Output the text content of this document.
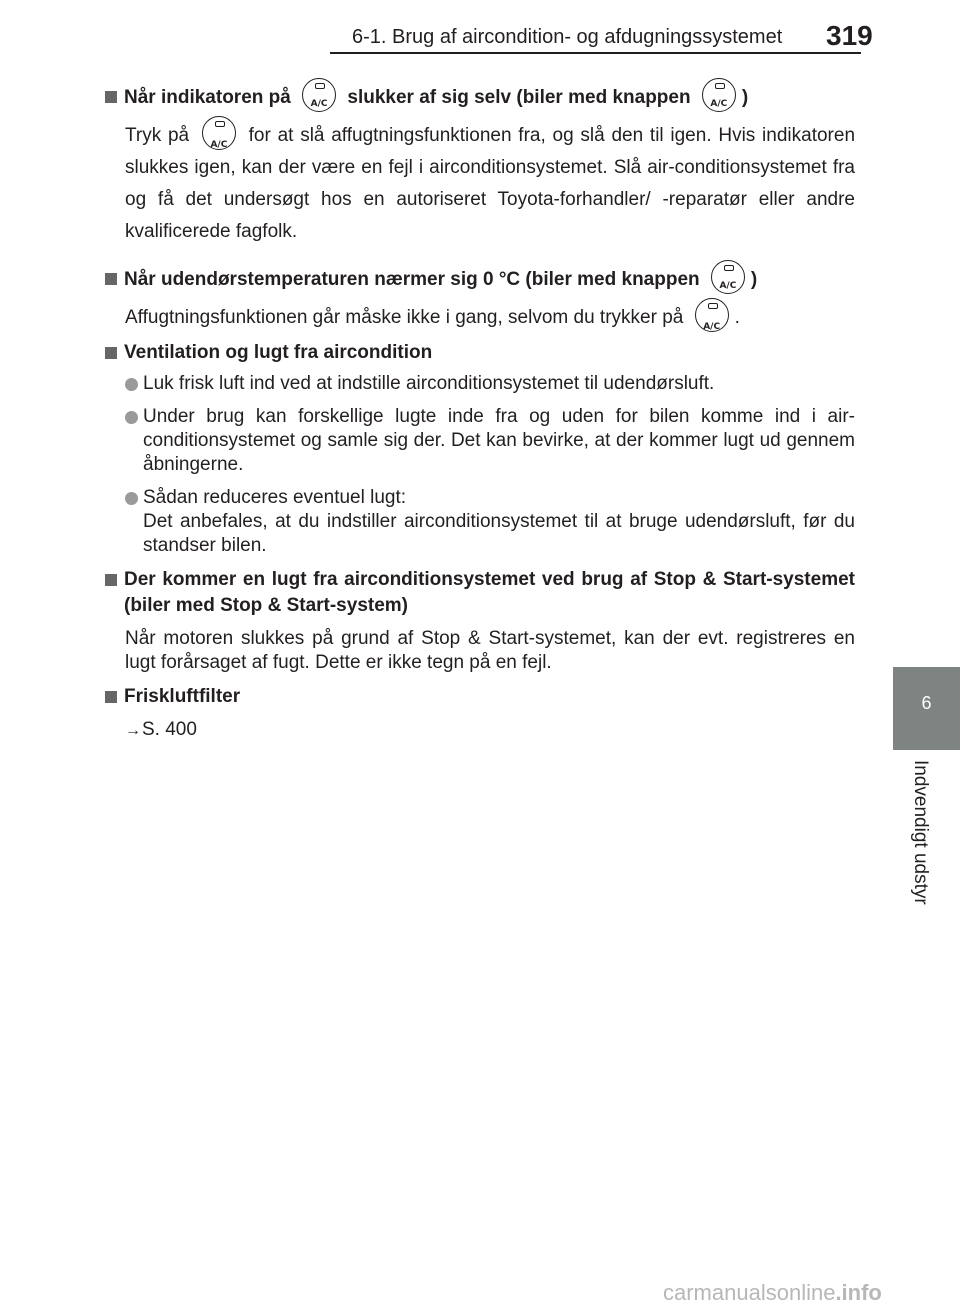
6-1. Brug af aircondition- og afdugningssystemet 319
6
Indvendigt udstyr
Når indikatoren på	A/C	slukker af sig selv (biler med knappen	A/C )
Tryk på	A/C	for at slå affugtningsfunktionen fra, og slå den til igen. Hvis indikatoren slukkes igen, kan der være en fejl i airconditionsystemet. Slå air-conditionsystemet fra og få det undersøgt hos en autoriseret Toyota-forhandler/ -reparatør eller andre kvalificerede fagfolk.
Når udendørstemperaturen nærmer sig 0 °C (biler med knappen	A/C )
Affugtningsfunktionen går måske ikke i gang, selvom du trykker på	A/C .
Ventilation og lugt fra aircondition
Luk frisk luft ind ved at indstille airconditionsystemet til udendørsluft.
Under brug kan forskellige lugte inde fra og uden for bilen komme ind i air-conditionsystemet og samle sig der. Det kan bevirke, at der kommer lugt ud gennem åbningerne.
Sådan reduceres eventuel lugt:
Det anbefales, at du indstiller airconditionsystemet til at bruge udendørsluft, før du standser bilen.
Der kommer en lugt fra airconditionsystemet ved brug af Stop & Start-systemet (biler med Stop & Start-system)
Når motoren slukkes på grund af Stop & Start-systemet, kan der evt. registreres en lugt forårsaget af fugt. Dette er ikke tegn på en fejl.
Friskluftfilter
→S. 400
carmanualsonline.info
